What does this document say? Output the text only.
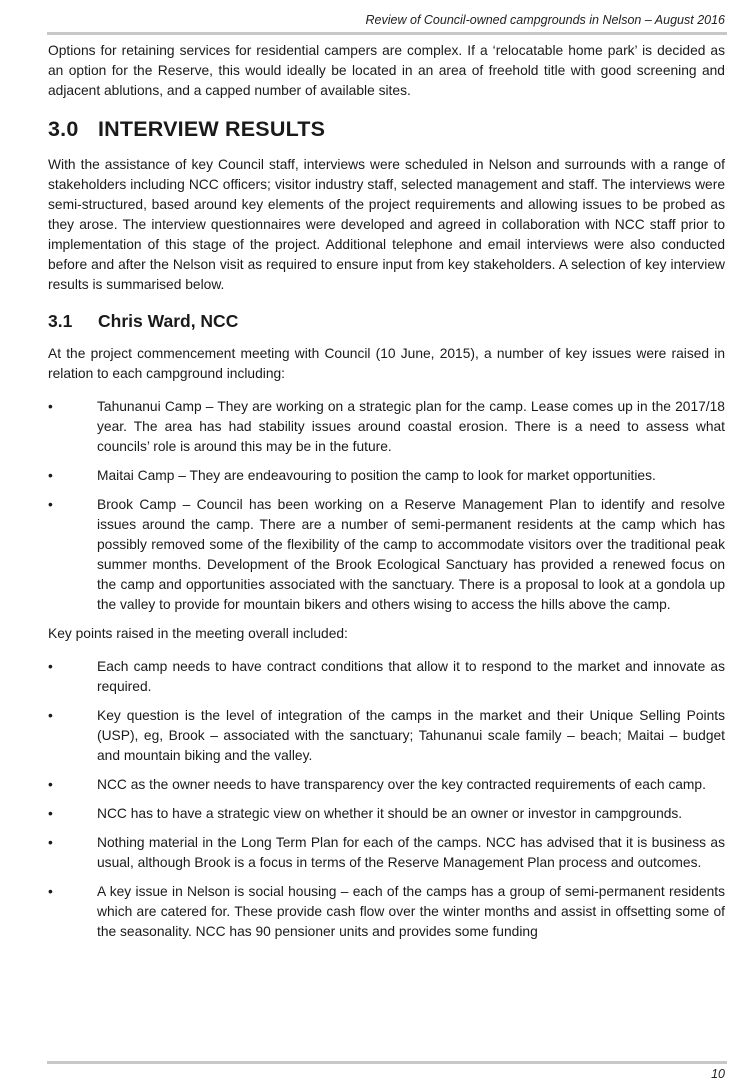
Review of Council-owned campgrounds in Nelson – August 2016

Options for retaining services for residential campers are complex. If a ‘relocatable home park’ is decided as an option for the Reserve, this would ideally be located in an area of freehold title with good screening and adjacent ablutions, and a capped number of available sites.

3.0 INTERVIEW RESULTS

With the assistance of key Council staff, interviews were scheduled in Nelson and surrounds with a range of stakeholders including NCC officers; visitor industry staff, selected management and staff. The interviews were semi-structured, based around key elements of the project requirements and allowing issues to be probed as they arose. The interview questionnaires were developed and agreed in collaboration with NCC staff prior to implementation of this stage of the project. Additional telephone and email interviews were also conducted before and after the Nelson visit as required to ensure input from key stakeholders. A selection of key interview results is summarised below.

3.1 Chris Ward, NCC

At the project commencement meeting with Council (10 June, 2015), a number of key issues were raised in relation to each campground including:

•	Tahunanui Camp – They are working on a strategic plan for the camp. Lease comes up in the 2017/18 year. The area has had stability issues around coastal erosion. There is a need to assess what councils’ role is around this may be in the future.
•	Maitai Camp – They are endeavouring to position the camp to look for market opportunities.
•	Brook Camp – Council has been working on a Reserve Management Plan to identify and resolve issues around the camp. There are a number of semi-permanent residents at the camp which has possibly removed some of the flexibility of the camp to accommodate visitors over the traditional peak summer months. Development of the Brook Ecological Sanctuary has provided a renewed focus on the camp and opportunities associated with the sanctuary. There is a proposal to look at a gondola up the valley to provide for mountain bikers and others wising to access the hills above the camp.

Key points raised in the meeting overall included:

•	Each camp needs to have contract conditions that allow it to respond to the market and innovate as required.
•	Key question is the level of integration of the camps in the market and their Unique Selling Points (USP), eg, Brook – associated with the sanctuary; Tahunanui scale family – beach; Maitai – budget and mountain biking and the valley.
•	NCC as the owner needs to have transparency over the key contracted requirements of each camp.
•	NCC has to have a strategic view on whether it should be an owner or investor in campgrounds.
•	Nothing material in the Long Term Plan for each of the camps. NCC has advised that it is business as usual, although Brook is a focus in terms of the Reserve Management Plan process and outcomes.
•	A key issue in Nelson is social housing – each of the camps has a group of semi-permanent residents which are catered for. These provide cash flow over the winter months and assist in offsetting some of the seasonality. NCC has 90 pensioner units and provides some funding
10
